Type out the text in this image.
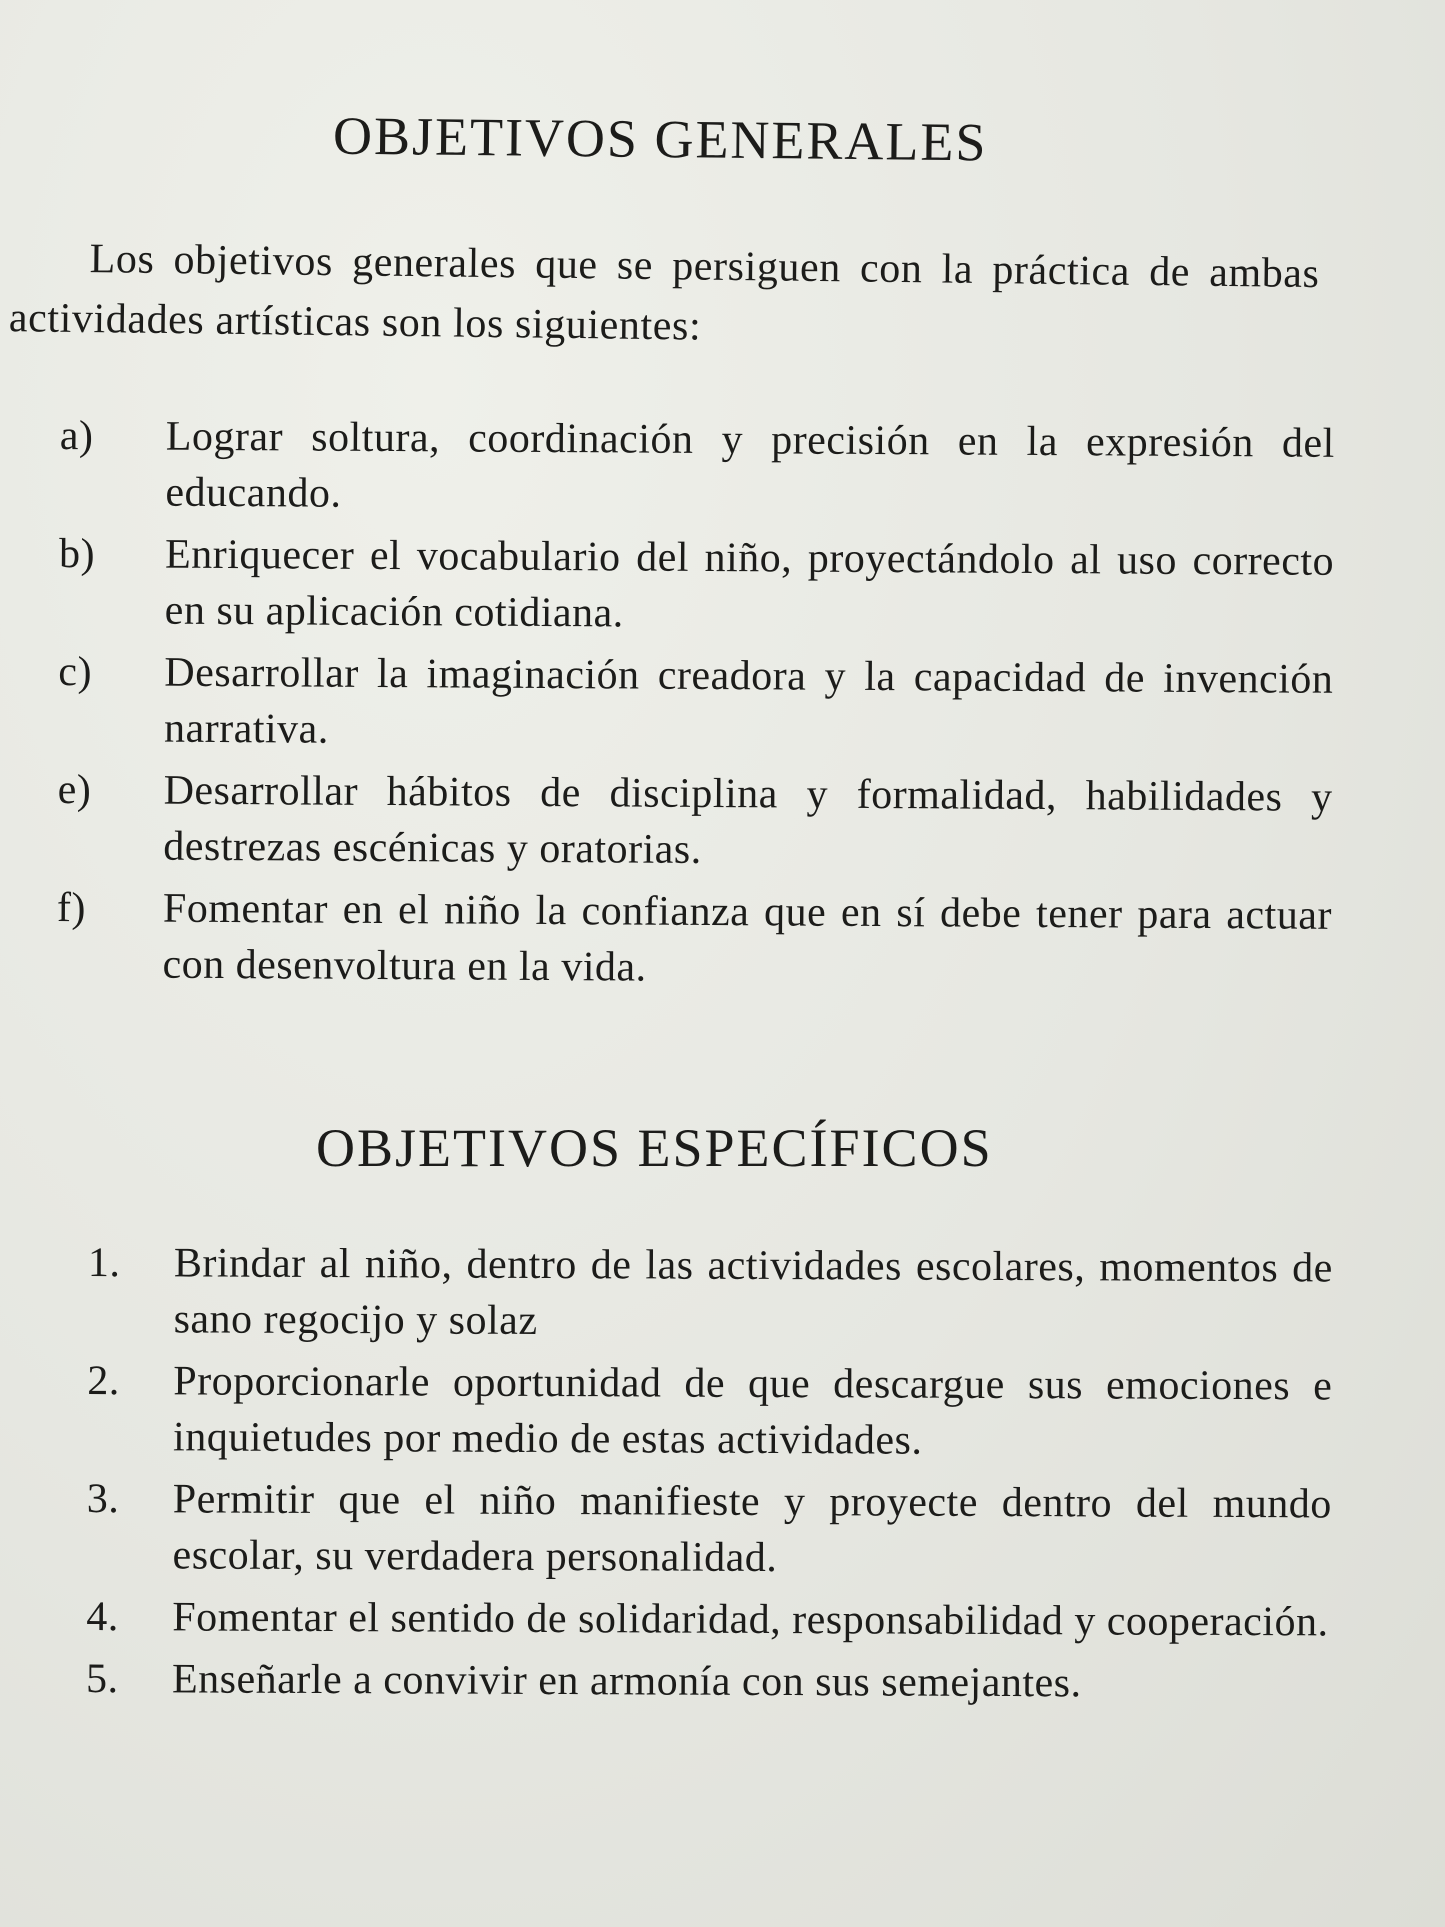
OBJETIVOS GENERALES

Los objetivos generales que se persiguen con la práctica de ambas actividades artísticas son los siguientes:

a) Lograr soltura, coordinación y precisión en la expresión del educando.
b) Enriquecer el vocabulario del niño, proyectándolo al uso correcto en su aplicación cotidiana.
c) Desarrollar la imaginación creadora y la capacidad de invención narrativa.
e) Desarrollar hábitos de disciplina y formalidad, habilidades y destrezas escénicas y oratorias.
f) Fomentar en el niño la confianza que en sí debe tener para actuar con desenvoltura en la vida.
OBJETIVOS ESPECÍFICOS
1. Brindar al niño, dentro de las actividades escolares, momentos de sano regocijo y solaz
2. Proporcionarle oportunidad de que descargue sus emociones e inquietudes por medio de estas actividades.
3. Permitir que el niño manifieste y proyecte dentro del mundo escolar, su verdadera personalidad.
4. Fomentar el sentido de solidaridad, responsabilidad y cooperación.
5. Enseñarle a convivir en armonía con sus semejantes.
